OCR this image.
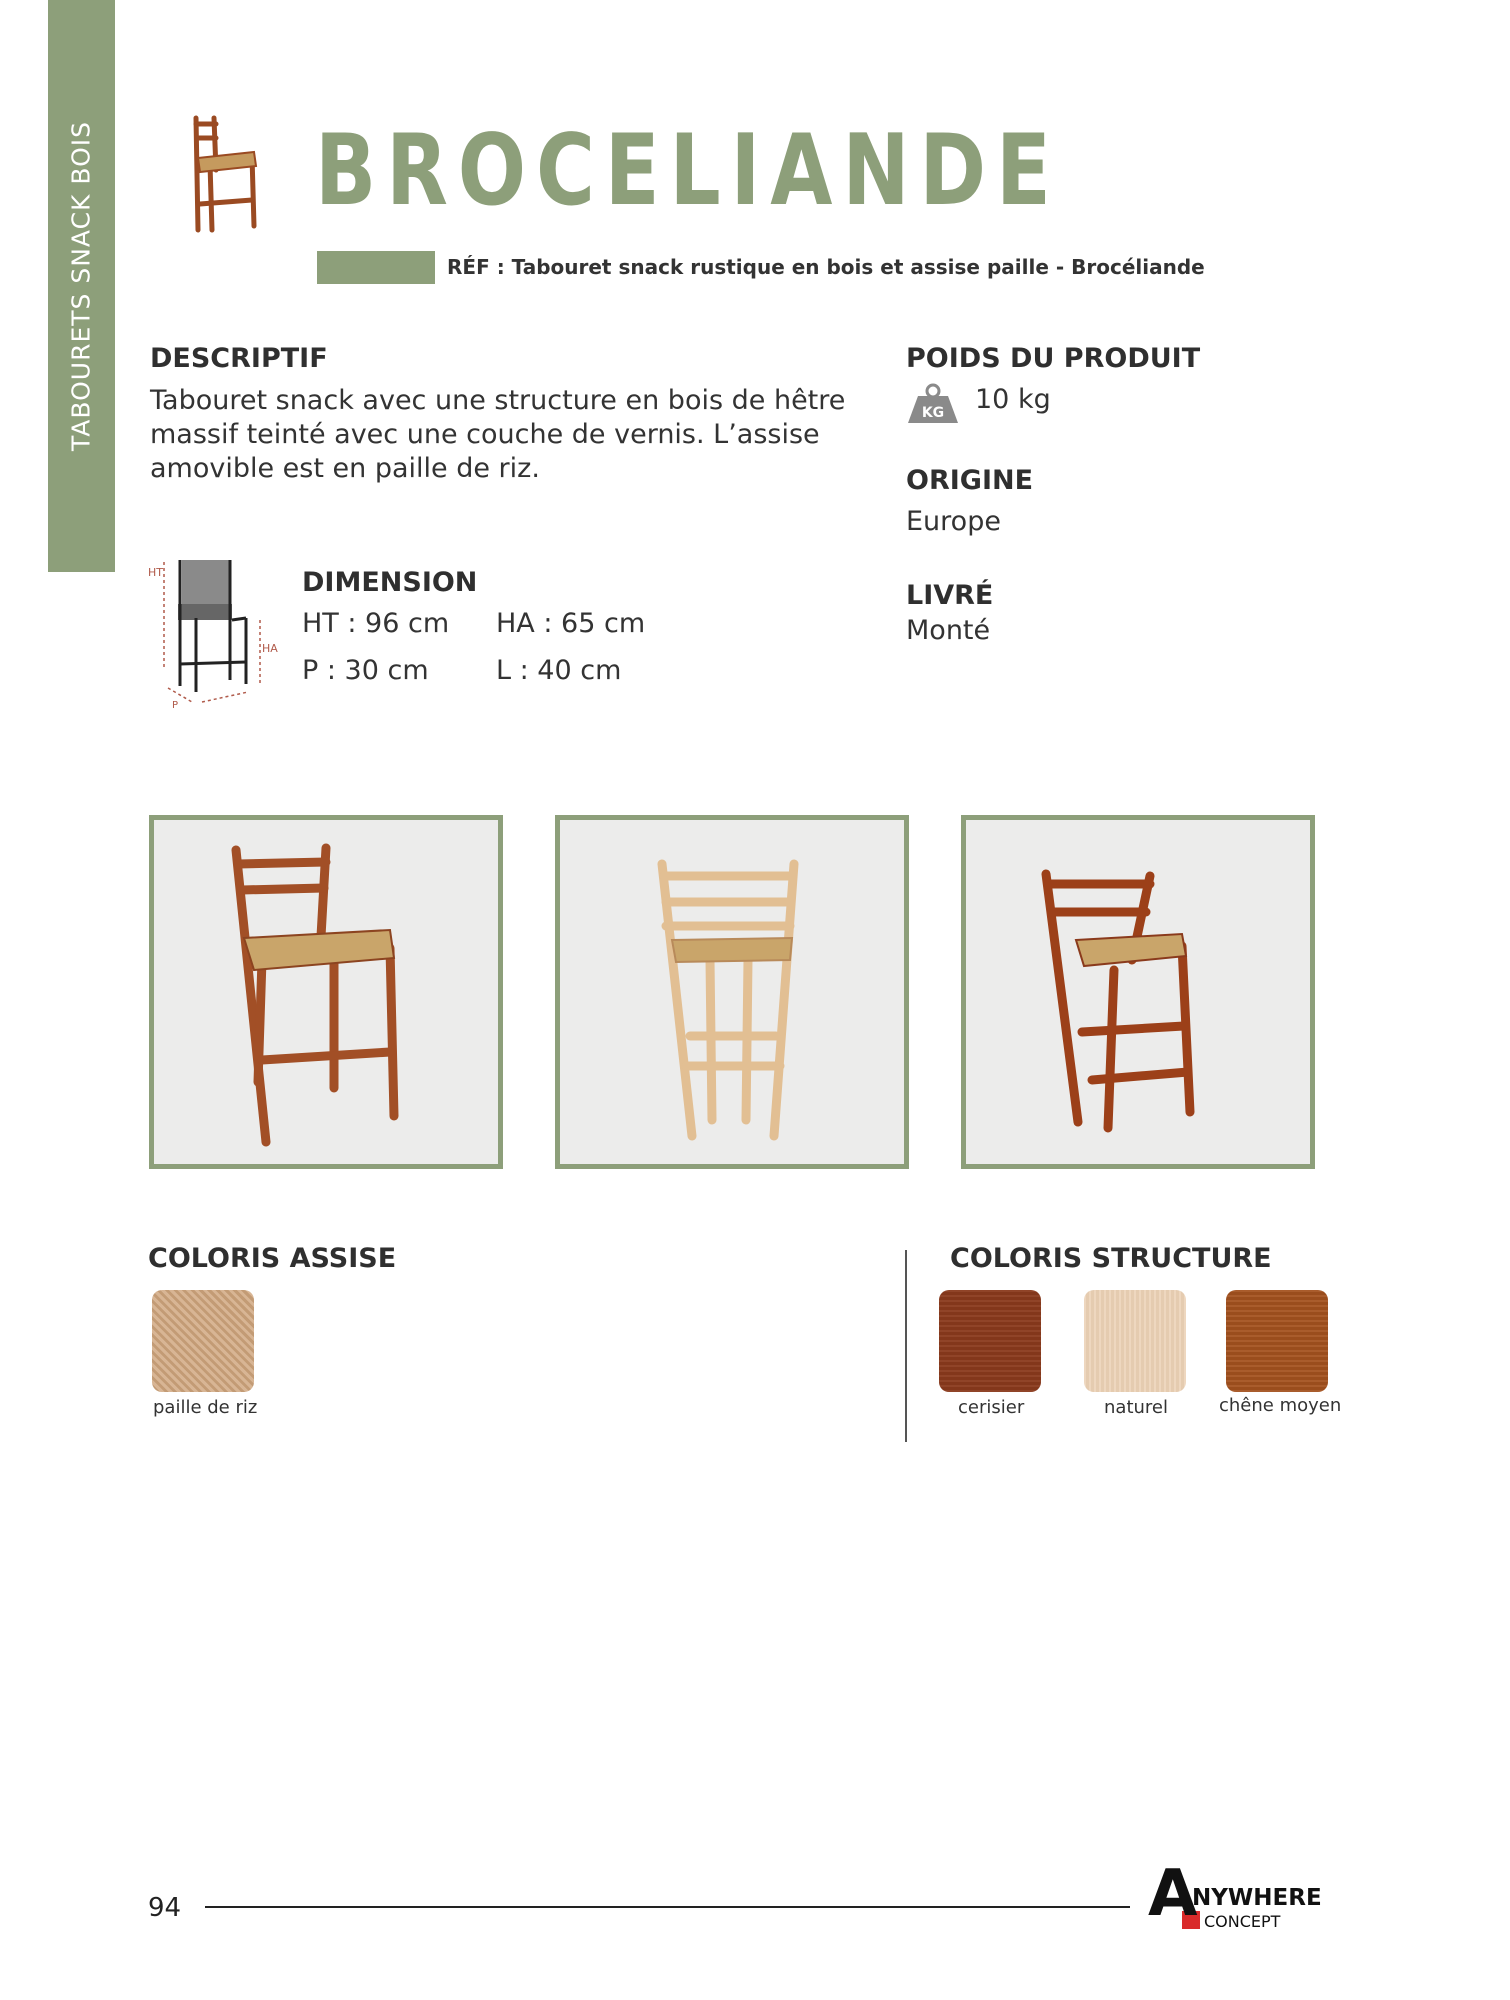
TABOURETS SNACK BOIS BROCELIANDE
RÉF : Tabouret snack rustique en bois et assise paille - Brocéliande
DESCRIPTIF
Tabouret snack avec une structure en bois de hêtre
massif teinté avec une couche de vernis. L’assise
amovible est en paille de riz.
HT
HA
P
DIMENSION
HT : 96 cm HA : 65 cm
P : 30 cm L : 40 cm
POIDS DU PRODUIT
KG 10 kg
ORIGINE
Europe
LIVRÉ
Monté
COLORIS ASSISE
paille de riz
COLORIS STRUCTURE
cerisier	naturel	chêne moyen
94	A
NYWHERE
CONCEPT
